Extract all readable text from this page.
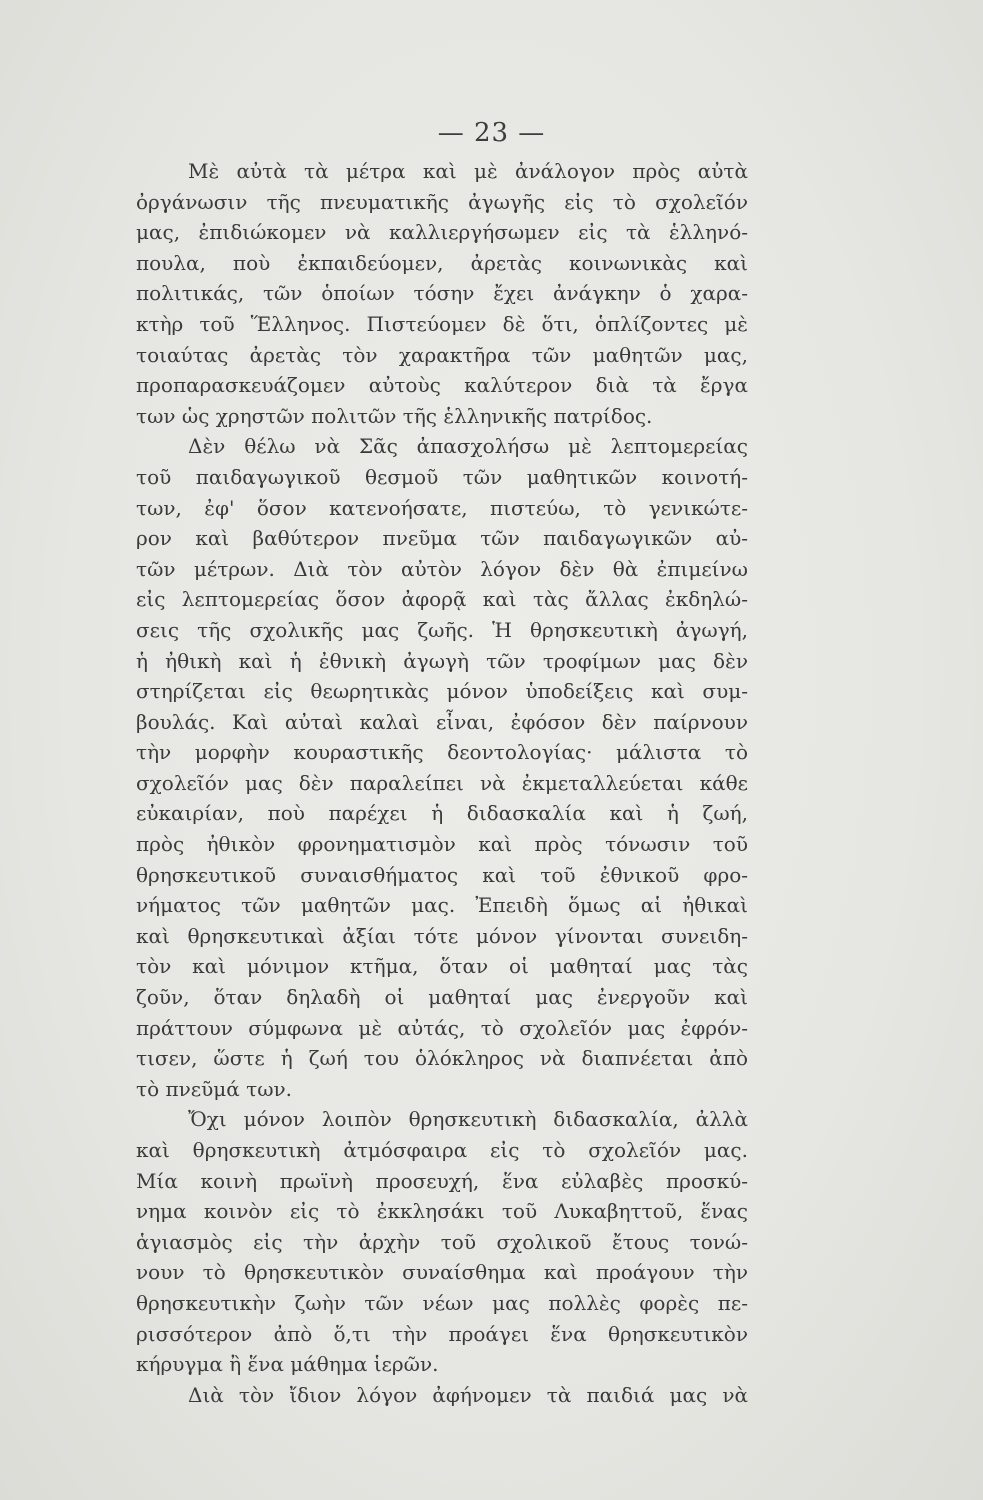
— 23 —
Μὲ αὐτὰ τὰ μέτρα καὶ μὲ ἀνάλογον πρὸς αὐτὰ
ὀργάνωσιν τῆς πνευματικῆς ἀγωγῆς εἰς τὸ σχολεῖόν
μας, ἐπιδιώκομεν νὰ καλλιεργήσωμεν εἰς τὰ ἑλληνό-
πουλα, ποὺ ἐκπαιδεύομεν, ἀρετὰς κοινωνικὰς καὶ
πολιτικάς, τῶν ὁποίων τόσην ἔχει ἀνάγκην ὁ χαρα-
κτὴρ τοῦ Ἕλληνος. Πιστεύομεν δὲ ὅτι, ὁπλίζοντες μὲ
τοιαύτας ἀρετὰς τὸν χαρακτῆρα τῶν μαθητῶν μας,
προπαρασκευάζομεν αὐτοὺς καλύτερον διὰ τὰ ἔργα
των ὡς χρηστῶν πολιτῶν τῆς ἑλληνικῆς πατρίδος.
Δὲν θέλω νὰ Σᾶς ἀπασχολήσω μὲ λεπτομερείας
τοῦ παιδαγωγικοῦ θεσμοῦ τῶν μαθητικῶν κοινοτή-
των, ἐφ' ὅσον κατενοήσατε, πιστεύω, τὸ γενικώτε-
ρον καὶ βαθύτερον πνεῦμα τῶν παιδαγωγικῶν αὐ-
τῶν μέτρων. Διὰ τὸν αὐτὸν λόγον δὲν θὰ ἐπιμείνω
εἰς λεπτομερείας ὅσον ἀφορᾷ καὶ τὰς ἄλλας ἐκδηλώ-
σεις τῆς σχολικῆς μας ζωῆς. Ἡ θρησκευτικὴ ἀγωγή,
ἡ ἠθικὴ καὶ ἡ ἐθνικὴ ἀγωγὴ τῶν τροφίμων μας δὲν
στηρίζεται εἰς θεωρητικὰς μόνον ὑποδείξεις καὶ συμ-
βουλάς. Καὶ αὐταὶ καλαὶ εἶναι, ἐφόσον δὲν παίρνουν
τὴν μορφὴν κουραστικῆς δεοντολογίας· μάλιστα τὸ
σχολεῖόν μας δὲν παραλείπει νὰ ἐκμεταλλεύεται κάθε
εὐκαιρίαν, ποὺ παρέχει ἡ διδασκαλία καὶ ἡ ζωή,
πρὸς ἠθικὸν φρονηματισμὸν καὶ πρὸς τόνωσιν τοῦ
θρησκευτικοῦ συναισθήματος καὶ τοῦ ἐθνικοῦ φρο-
νήματος τῶν μαθητῶν μας. Ἐπειδὴ ὅμως αἱ ἠθικαὶ
καὶ θρησκευτικαὶ ἀξίαι τότε μόνον γίνονται συνειδη-
τὸν καὶ μόνιμον κτῆμα, ὅταν οἱ μαθηταί μας τὰς
ζοῦν, ὅταν δηλαδὴ οἱ μαθηταί μας ἐνεργοῦν καὶ
πράττουν σύμφωνα μὲ αὐτάς, τὸ σχολεῖόν μας ἐφρόν-
τισεν, ὥστε ἡ ζωή του ὁλόκληρος νὰ διαπνέεται ἀπὸ
τὸ πνεῦμά των.
Ὄχι μόνον λοιπὸν θρησκευτικὴ διδασκαλία, ἀλλὰ
καὶ θρησκευτικὴ ἀτμόσφαιρα εἰς τὸ σχολεῖόν μας.
Μία κοινὴ πρωϊνὴ προσευχή, ἕνα εὐλαβὲς προσκύ-
νημα κοινὸν εἰς τὸ ἐκκλησάκι τοῦ Λυκαβηττοῦ, ἕνας
ἁγιασμὸς εἰς τὴν ἀρχὴν τοῦ σχολικοῦ ἔτους τονώ-
νουν τὸ θρησκευτικὸν συναίσθημα καὶ προάγουν τὴν
θρησκευτικὴν ζωὴν τῶν νέων μας πολλὲς φορὲς πε-
ρισσότερον ἀπὸ ὅ,τι τὴν προάγει ἕνα θρησκευτικὸν
κήρυγμα ἢ ἕνα μάθημα ἱερῶν.
Διὰ τὸν ἴδιον λόγον ἀφήνομεν τὰ παιδιά μας νὰ
